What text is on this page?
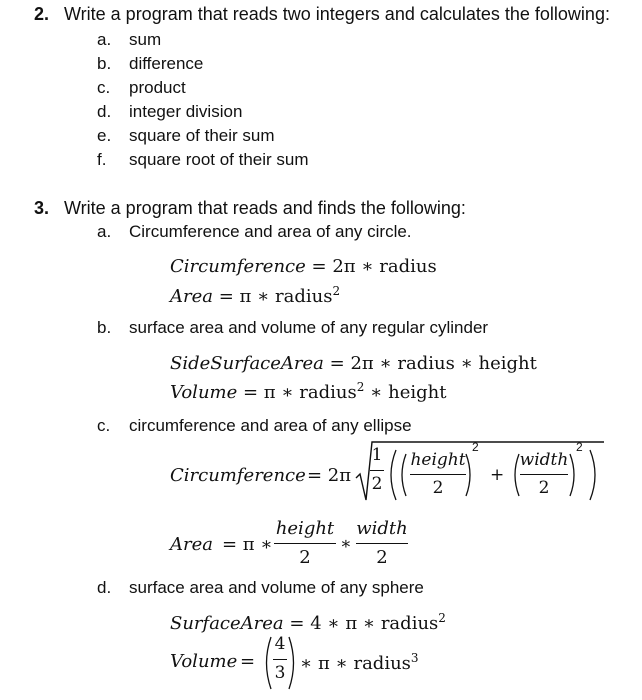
2. Write a program that reads two integers and calculates the following:
a. sum
b. difference
c. product
d. integer division
e. square of their sum
f. square root of their sum
3. Write a program that reads and finds the following:
a. Circumference and area of any circle.
Circumference = 2π ∗ radius
Area = π ∗ radius$^2$
b. surface area and volume of any regular cylinder
SideSurfaceArea = 2π ∗ radius ∗ height
Volume = π ∗ radius$^2$ ∗ height
c. circumference and area of any ellipse
Circumference = 2π
1
2
height
2
2
+
width
2
2
Area = π ∗
height
2
∗
width
2
d. surface area and volume of any sphere
SurfaceArea = 4 ∗ π ∗ radius$^2$
Volume =
4
3 ∗ π ∗ radius$^3$
